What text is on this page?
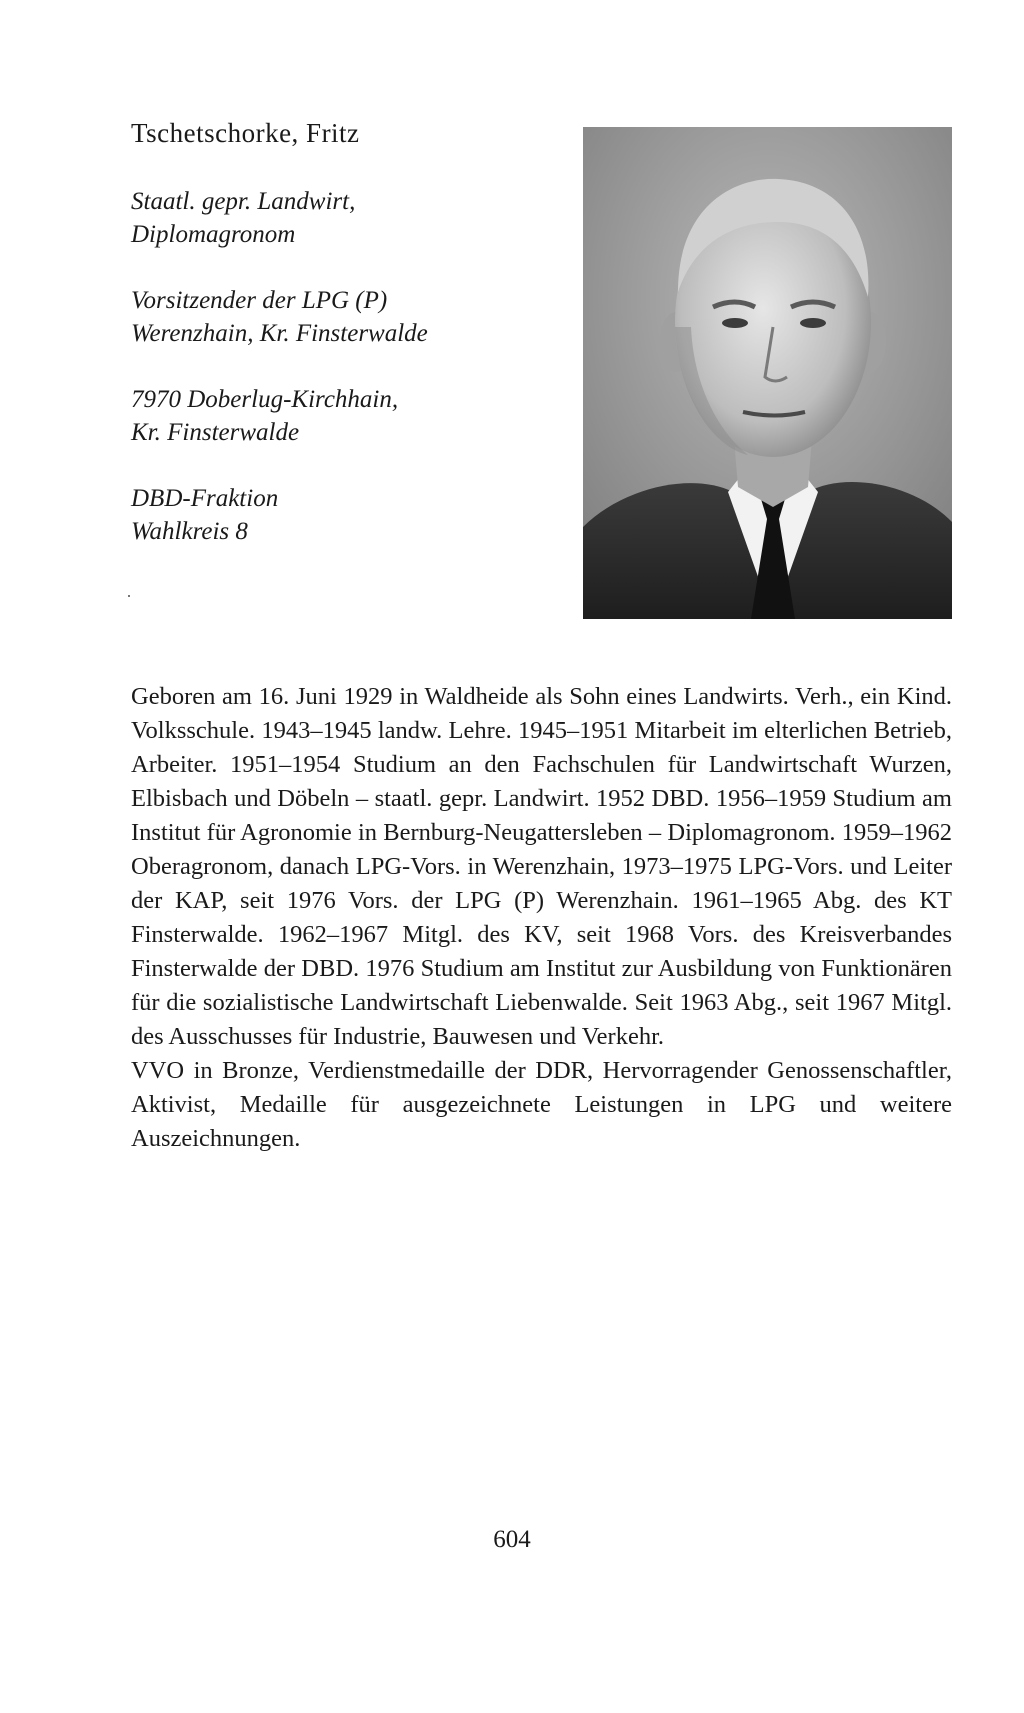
Tschetschorke, Fritz
Staatl. gepr. Landwirt,
Diplomagronom
Vorsitzender der LPG (P)
Werenzhain, Kr. Finsterwalde
7970 Doberlug-Kirchhain,
Kr. Finsterwalde
DBD-Fraktion
Wahlkreis 8

Geboren am 16. Juni 1929 in Waldheide als Sohn eines Landwirts. Verh., ein Kind. Volksschule. 1943–1945 landw. Lehre. 1945–1951 Mitarbeit im elterlichen Betrieb, Arbeiter. 1951–1954 Studium an den Fachschulen für Landwirtschaft Wurzen, Elbisbach und Döbeln – staatl. gepr. Landwirt. 1952 DBD. 1956–1959 Studium am Institut für Agronomie in Bernburg-Neugattersleben – Diplomagronom. 1959–1962 Oberagronom, danach LPG-Vors. in Werenzhain, 1973–1975 LPG-Vors. und Leiter der KAP, seit 1976 Vors. der LPG (P) Werenzhain. 1961–1965 Abg. des KT Finsterwalde. 1962–1967 Mitgl. des KV, seit 1968 Vors. des Kreisverbandes Finsterwalde der DBD. 1976 Studium am Institut zur Ausbildung von Funktionären für die sozialistische Landwirtschaft Liebenwalde. Seit 1963 Abg., seit 1967 Mitgl. des Ausschusses für Industrie, Bauwesen und Verkehr.

VVO in Bronze, Verdienstmedaille der DDR, Hervorragender Genossenschaftler, Aktivist, Medaille für ausgezeichnete Leistungen in LPG und weitere Auszeichnungen.

604
